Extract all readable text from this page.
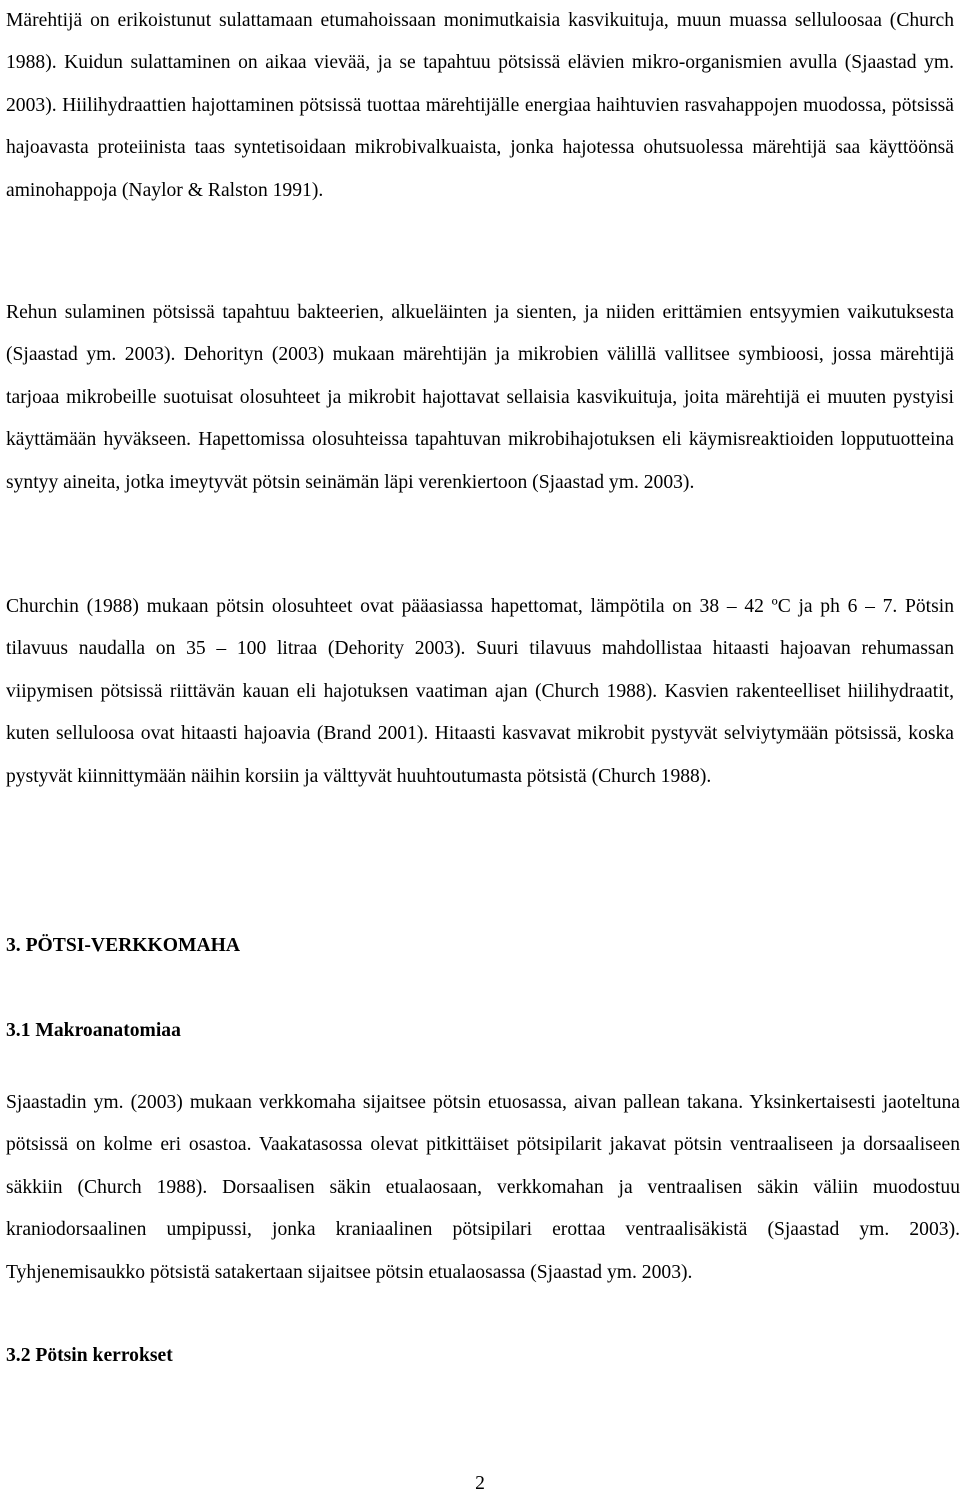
Märehtijä on erikoistunut sulattamaan etumahoissaan monimutkaisia kasvikuituja, muun muassa selluloosaa (Church 1988). Kuidun sulattaminen on aikaa vievää, ja se tapahtuu pötsissä elävien mikro-organismien avulla (Sjaastad ym. 2003). Hiilihydraattien hajottaminen pötsissä tuottaa märehtijälle energiaa haihtuvien rasvahappojen muodossa, pötsissä hajoavasta proteiinista taas syntetisoidaan mikrobivalkuaista, jonka hajotessa ohutsuolessa märehtijä saa käyttöönsä aminohappoja (Naylor & Ralston 1991).

Rehun sulaminen pötsissä tapahtuu bakteerien, alkueläinten ja sienten, ja niiden erittämien entsyymien vaikutuksesta (Sjaastad ym. 2003). Dehorityn (2003) mukaan märehtijän ja mikrobien välillä vallitsee symbioosi, jossa märehtijä tarjoaa mikrobeille suotuisat olosuhteet ja mikrobit hajottavat sellaisia kasvikuituja, joita märehtijä ei muuten pystyisi käyttämään hyväkseen. Hapettomissa olosuhteissa tapahtuvan mikrobihajotuksen eli käymisreaktioiden lopputuotteina syntyy aineita, jotka imeytyvät pötsin seinämän läpi verenkiertoon (Sjaastad ym. 2003).

Churchin (1988) mukaan pötsin olosuhteet ovat pääasiassa hapettomat, lämpötila on 38 – 42 ºC ja ph 6 – 7. Pötsin tilavuus naudalla on 35 – 100 litraa (Dehority 2003). Suuri tilavuus mahdollistaa hitaasti hajoavan rehumassan viipymisen pötsissä riittävän kauan eli hajotuksen vaatiman ajan (Church 1988). Kasvien rakenteelliset hiilihydraatit, kuten selluloosa ovat hitaasti hajoavia (Brand 2001). Hitaasti kasvavat mikrobit pystyvät selviytymään pötsissä, koska pystyvät kiinnittymään näihin korsiin ja välttyvät huuhtoutumasta pötsistä (Church 1988).

3. PÖTSI-VERKKOMAHA
3.1 Makroanatomiaa

Sjaastadin ym. (2003) mukaan verkkomaha sijaitsee pötsin etuosassa, aivan pallean takana. Yksinkertaisesti jaoteltuna pötsissä on kolme eri osastoa. Vaakatasossa olevat pitkittäiset pötsipilarit jakavat pötsin ventraaliseen ja dorsaaliseen säkkiin (Church 1988). Dorsaalisen säkin etualaosaan, verkkomahan ja ventraalisen säkin väliin muodostuu kraniodorsaalinen umpipussi, jonka kraniaalinen pötsipilari erottaa ventraalisäkistä (Sjaastad ym. 2003). Tyhjenemisaukko pötsistä satakertaan sijaitsee pötsin etualaosassa (Sjaastad ym. 2003).

3.2 Pötsin kerrokset
2
